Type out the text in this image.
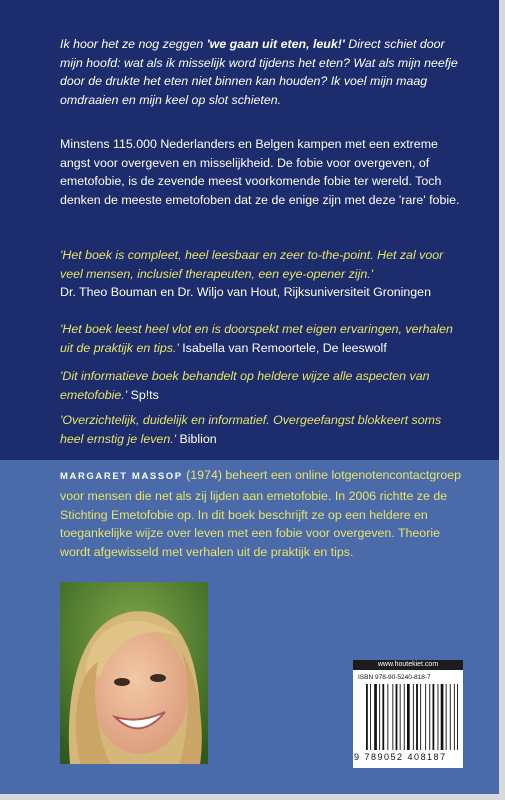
Ik hoor het ze nog zeggen 'we gaan uit eten, leuk!' Direct schiet door mijn hoofd: wat als ik misselijk word tijdens het eten? Wat als mijn neefje door de drukte het eten niet binnen kan houden? Ik voel mijn maag omdraaien en mijn keel op slot schieten.

Minstens 115.000 Nederlanders en Belgen kampen met een extreme angst voor overgeven en misselijkheid. De fobie voor overgeven, of emetofobie, is de zevende meest voorkomende fobie ter wereld. Toch denken de meeste emetofoben dat ze de enige zijn met deze 'rare' fobie.

'Het boek is compleet, heel leesbaar en zeer to-the-point. Het zal voor veel mensen, inclusief therapeuten, een eye-opener zijn.'
Dr. Theo Bouman en Dr. Wiljo van Hout, Rijksuniversiteit Groningen

'Het boek leest heel vlot en is doorspekt met eigen ervaringen, verhalen uit de praktijk en tips.' Isabella van Remoortele, De leeswolf

'Dit informatieve boek behandelt op heldere wijze alle aspecten van emetofobie.' Sp!ts

'Overzichtelijk, duidelijk en informatief. Overgeefangst blokkeert soms heel ernstig je leven.' Biblion

MARGARET MASSOP (1974) beheert een online lotgenotencontactgroep voor mensen die net als zij lijden aan emetofobie. In 2006 richtte ze de Stichting Emetofobie op. In dit boek beschrijft ze op een heldere en toegankelijke wijze over leven met een fobie voor overgeven. Theorie wordt afgewisseld met verhalen uit de praktijk en tips.

www.houtekiet.com
ISBN 978-90-5240-818-7
9 789052 408187
